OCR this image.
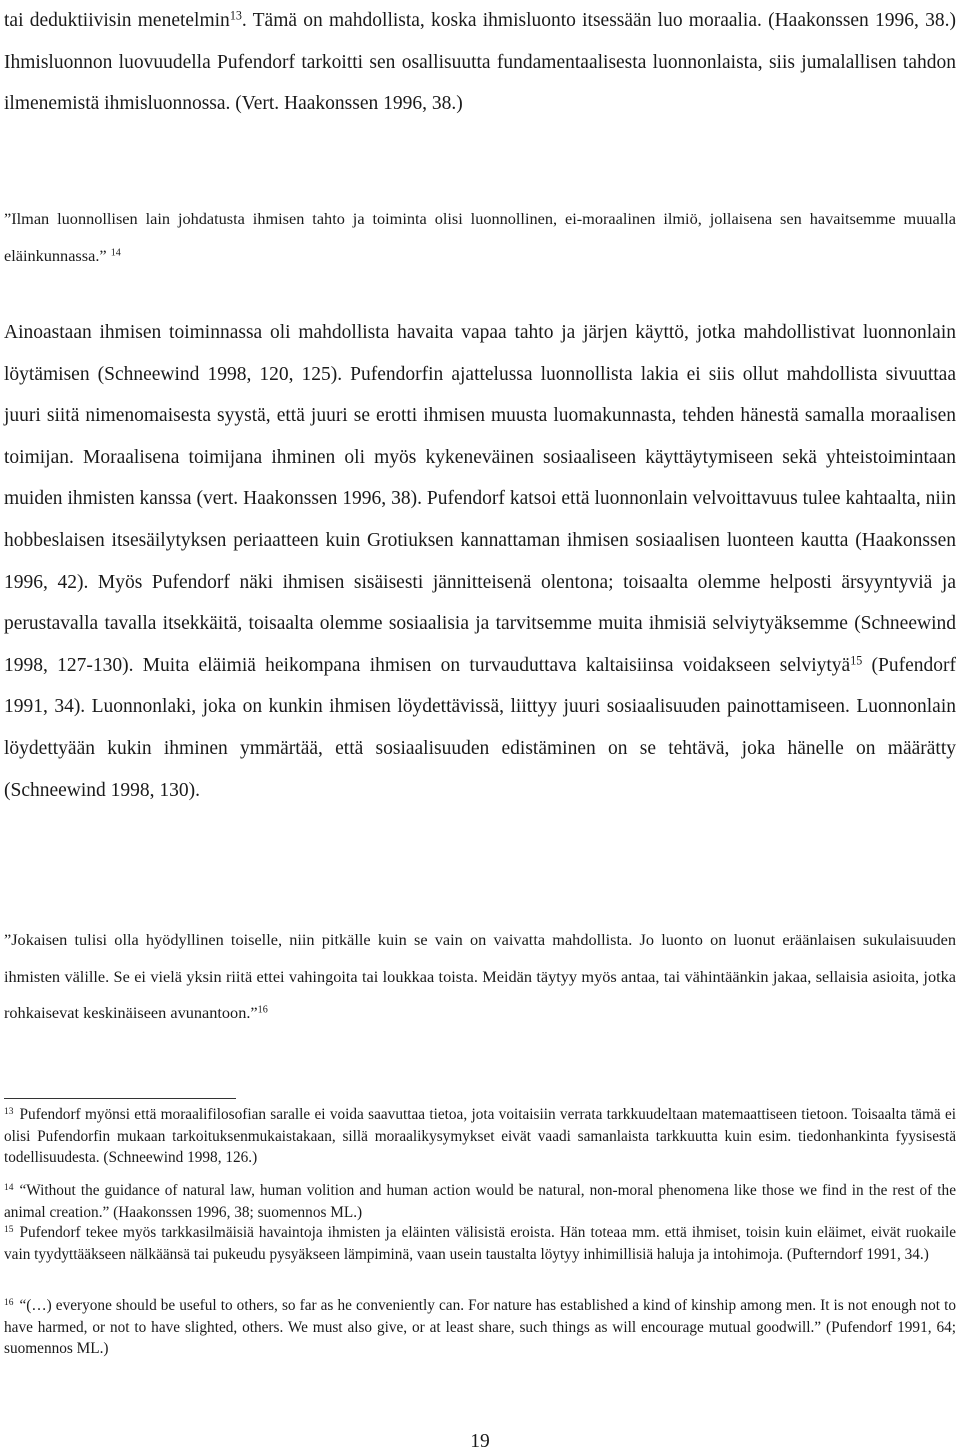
tai deduktiivisin menetelmin$^{13}$. Tämä on mahdollista, koska ihmisluonto itsessään luo moraalia. (Haakonssen 1996, 38.) Ihmisluonnon luovuudella Pufendorf tarkoitti sen osallisuutta fundamentaalisesta luonnonlaista, siis jumalallisen tahdon ilmenemistä ihmisluonnossa. (Vert. Haakonssen 1996, 38.)

”Ilman luonnollisen lain johdatusta ihmisen tahto ja toiminta olisi luonnollinen, ei-moraalinen ilmiö, jollaisena sen havaitsemme muualla eläinkunnassa.” $^{14}$

Ainoastaan ihmisen toiminnassa oli mahdollista havaita vapaa tahto ja järjen käyttö, jotka mahdollistivat luonnonlain löytämisen (Schneewind 1998, 120, 125). Pufendorfin ajattelussa luonnollista lakia ei siis ollut mahdollista sivuuttaa juuri siitä nimenomaisesta syystä, että juuri se erotti ihmisen muusta luomakunnasta, tehden hänestä samalla moraalisen toimijan. Moraalisena toimijana ihminen oli myös kykeneväinen sosiaaliseen käyttäytymiseen sekä yhteistoimintaan muiden ihmisten kanssa (vert. Haakonssen 1996, 38). Pufendorf katsoi että luonnonlain velvoittavuus tulee kahtaalta, niin hobbeslaisen itsesäilytyksen periaatteen kuin Grotiuksen kannattaman ihmisen sosiaalisen luonteen kautta (Haakonssen 1996, 42). Myös Pufendorf näki ihmisen sisäisesti jännitteisenä olentona; toisaalta olemme helposti ärsyyntyviä ja perustavalla tavalla itsekkäitä, toisaalta olemme sosiaalisia ja tarvitsemme muita ihmisiä selviytyäksemme (Schneewind 1998, 127-130). Muita eläimiä heikompana ihmisen on turvauduttava kaltaisiinsa voidakseen selviytyä$^{15}$ (Pufendorf 1991, 34). Luonnonlaki, joka on kunkin ihmisen löydettävissä, liittyy juuri sosiaalisuuden painottamiseen. Luonnonlain löydettyään kukin ihminen ymmärtää, että sosiaalisuuden edistäminen on se tehtävä, joka hänelle on määrätty (Schneewind 1998, 130).

”Jokaisen tulisi olla hyödyllinen toiselle, niin pitkälle kuin se vain on vaivatta mahdollista. Jo luonto on luonut eräänlaisen sukulaisuuden ihmisten välille. Se ei vielä yksin riitä ettei vahingoita tai loukkaa toista. Meidän täytyy myös antaa, tai vähintäänkin jakaa, sellaisia asioita, jotka rohkaisevat keskinäiseen avunantoon.”$^{16}$

$^{13}$ Pufendorf myönsi että moraalifilosofian saralle ei voida saavuttaa tietoa, jota voitaisiin verrata tarkkuudeltaan matemaattiseen tietoon. Toisaalta tämä ei olisi Pufendorfin mukaan tarkoituksenmukaistakaan, sillä moraalikysymykset eivät vaadi samanlaista tarkkuutta kuin esim. tiedonhankinta fyysisestä todellisuudesta. (Schneewind 1998, 126.)

$^{14}$ “Without the guidance of natural law, human volition and human action would be natural, non-moral phenomena like those we find in the rest of the animal creation.” (Haakonssen 1996, 38; suomennos ML.)

$^{15}$ Pufendorf tekee myös tarkkasilmäisiä havaintoja ihmisten ja eläinten välisistä eroista. Hän toteaa mm. että ihmiset, toisin kuin eläimet, eivät ruokaile vain tyydyttääkseen nälkäänsä tai pukeudu pysyäkseen lämpiminä, vaan usein taustalta löytyy inhimillisiä haluja ja intohimoja. (Pufterndorf 1991, 34.)

$^{16}$ “(…) everyone should be useful to others, so far as he conveniently can. For nature has established a kind of kinship among men. It is not enough not to have harmed, or not to have slighted, others. We must also give, or at least share, such things as will encourage mutual goodwill.” (Pufendorf 1991, 64; suomennos ML.)

19
